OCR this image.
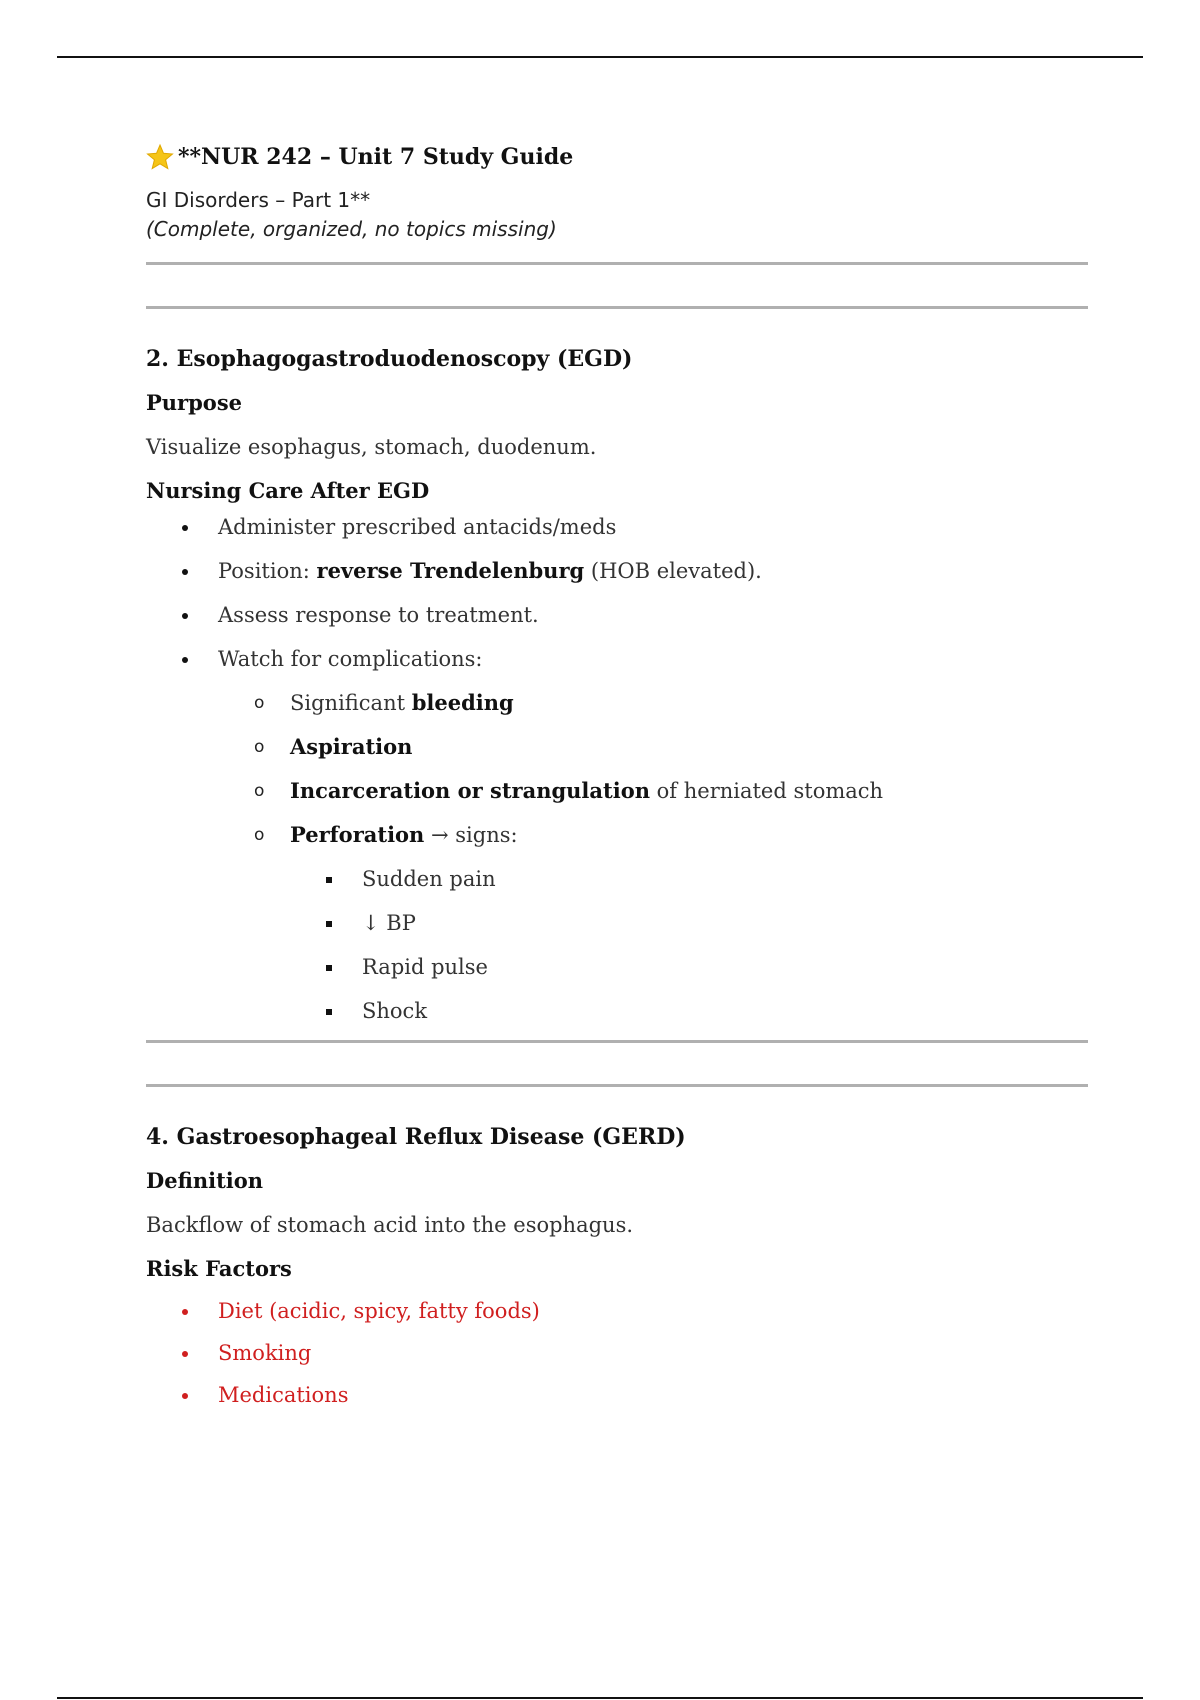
**NUR 242 – Unit 7 Study Guide
GI Disorders – Part 1**
(Complete, organized, no topics missing)
2. Esophagogastroduodenoscopy (EGD)
Purpose
Visualize esophagus, stomach, duodenum.
Nursing Care After EGD
Administer prescribed antacids/meds
Position: reverse Trendelenburg (HOB elevated).
Assess response to treatment.
Watch for complications:
o Significant bleeding
o Aspiration
o Incarceration or strangulation of herniated stomach
o Perforation → signs:
Sudden pain
↓ BP
Rapid pulse
Shock
4. Gastroesophageal Reflux Disease (GERD)
Definition
Backflow of stomach acid into the esophagus.
Risk Factors
Diet (acidic, spicy, fatty foods)
Smoking
Medications
